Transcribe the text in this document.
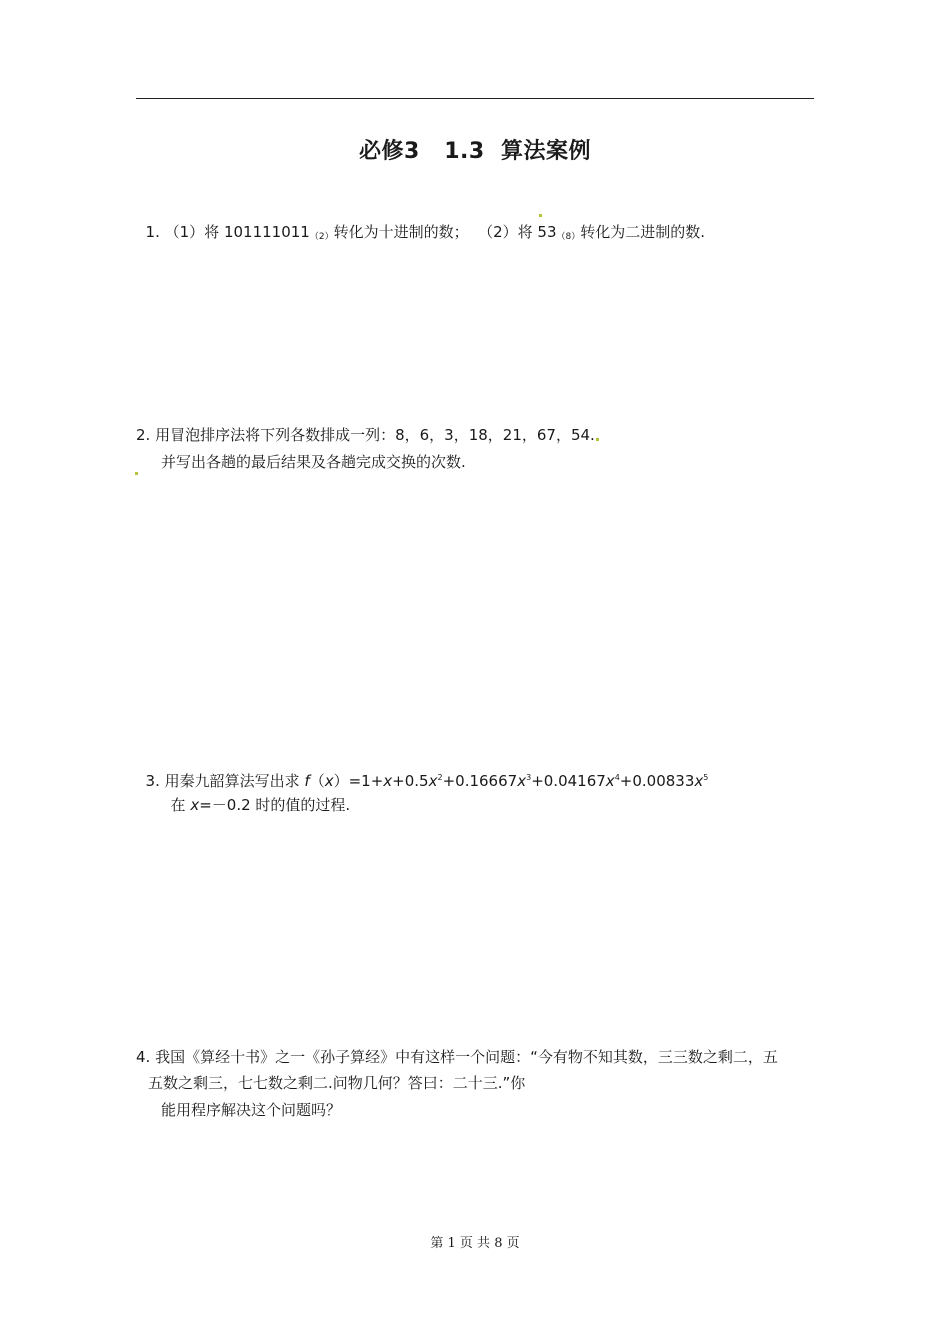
必修3   1.3  算法案例

1. （1）将 $101111011_{(2)}$转化为十进制的数；  （2）将 $53_{(8)}$转化为二进制的数.

2. 用冒泡排序法将下列各数排成一列：8，6，3，18，21，67，54.
并写出各趟的最后结果及各趟完成交换的次数.

3. 用秦九韶算法写出求 $f(x)=1+x+0.5x^2+0.16667x^3+0.04167x^4+0.00833x^5$

在 x=－0.2 时的值的过程.

4. 我国《算经十书》之一《孙子算经》中有这样一个问题：“今有物不知其数，三三数之剩二，五
五数之剩三，七七数之剩二.问物几何？答曰：二十三.”你
能用程序解决这个问题吗？
第 1 页 共 8 页
